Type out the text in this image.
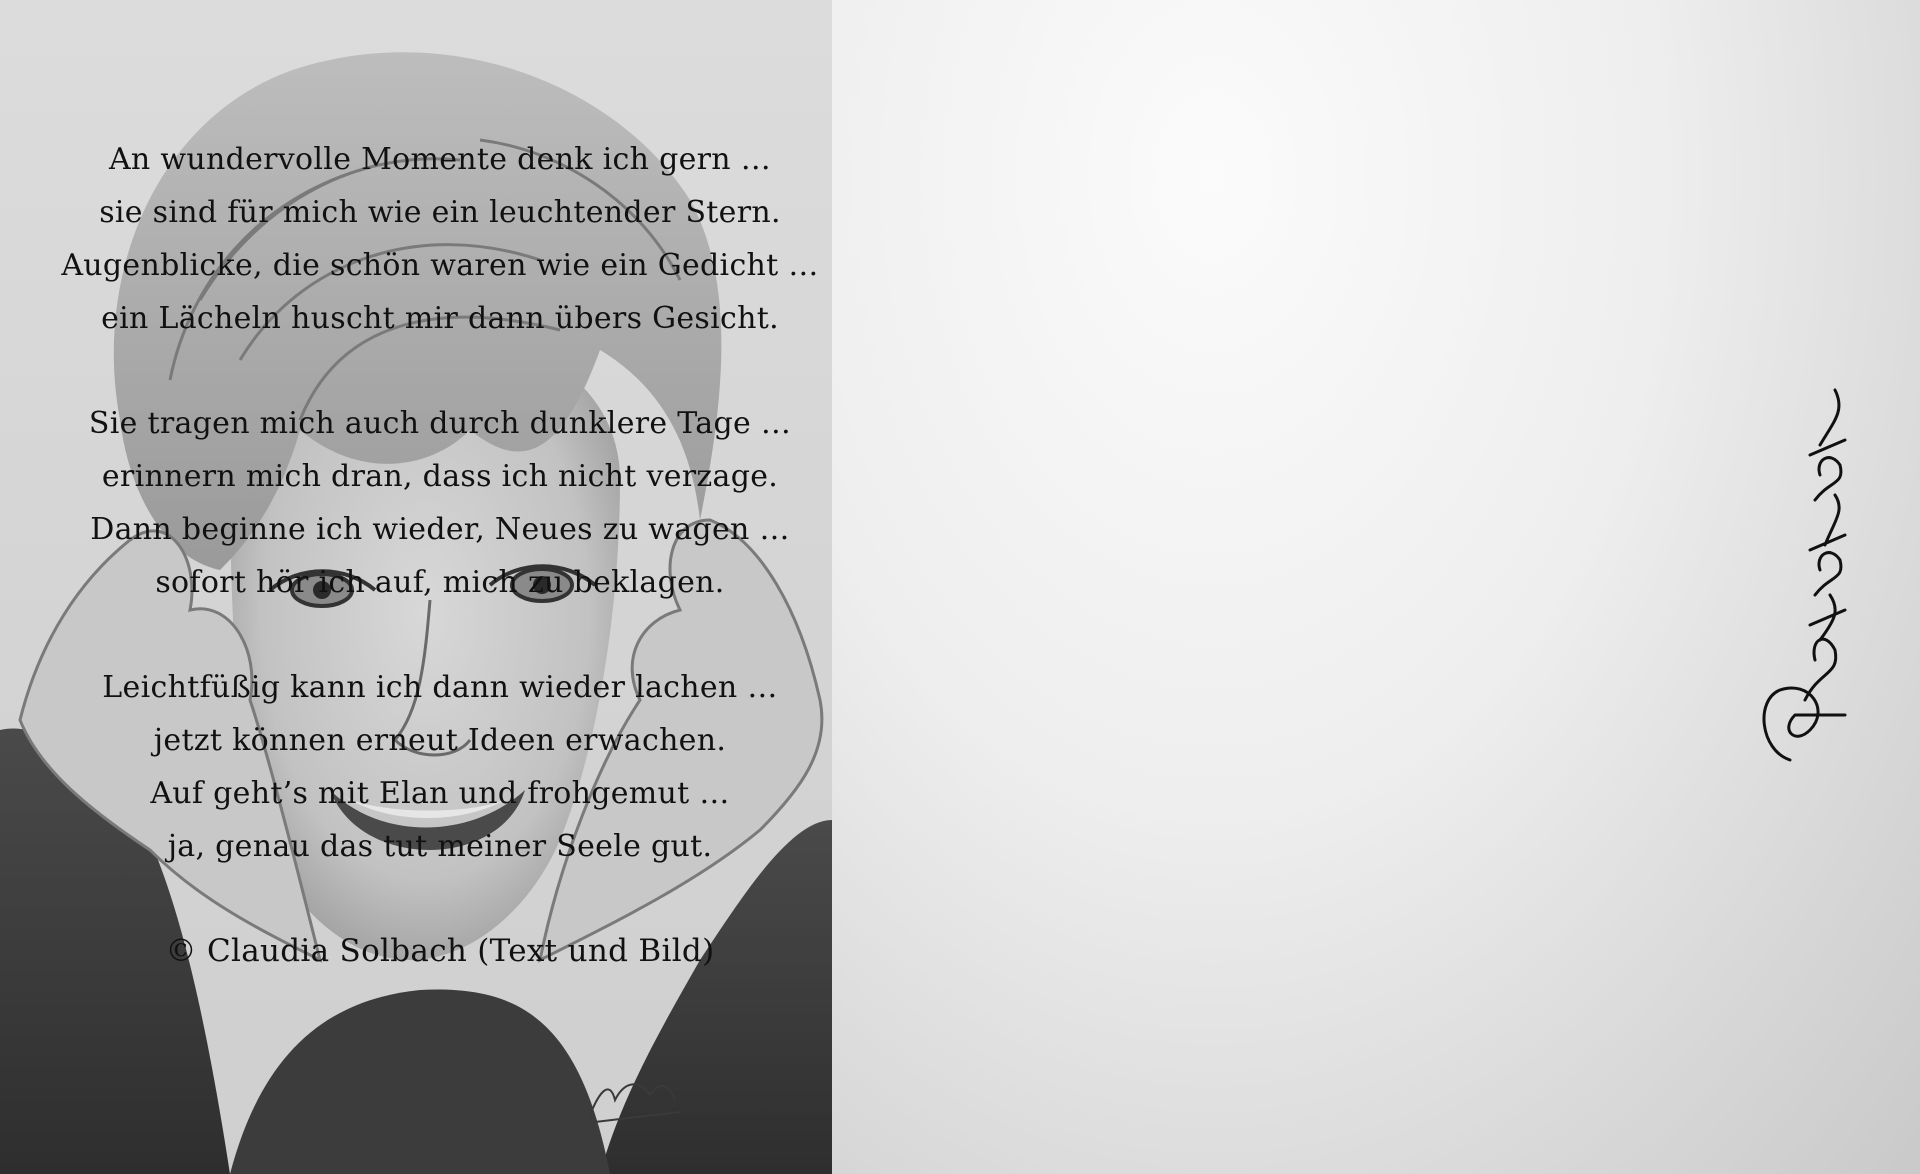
An wundervolle Momente denk ich gern …
sie sind für mich wie ein leuchtender Stern.
Augenblicke, die schön waren wie ein Gedicht …
ein Lächeln huscht mir dann übers Gesicht.
Sie tragen mich auch durch dunklere Tage …
erinnern mich dran, dass ich nicht verzage.
Dann beginne ich wieder, Neues zu wagen …
sofort hör ich auf, mich zu beklagen.
Leichtfüßig kann ich dann wieder lachen …
jetzt können erneut Ideen erwachen.
Auf geht’s mit Elan und frohgemut …
ja, genau das tut meiner Seele gut.
© Claudia Solbach (Text und Bild)
